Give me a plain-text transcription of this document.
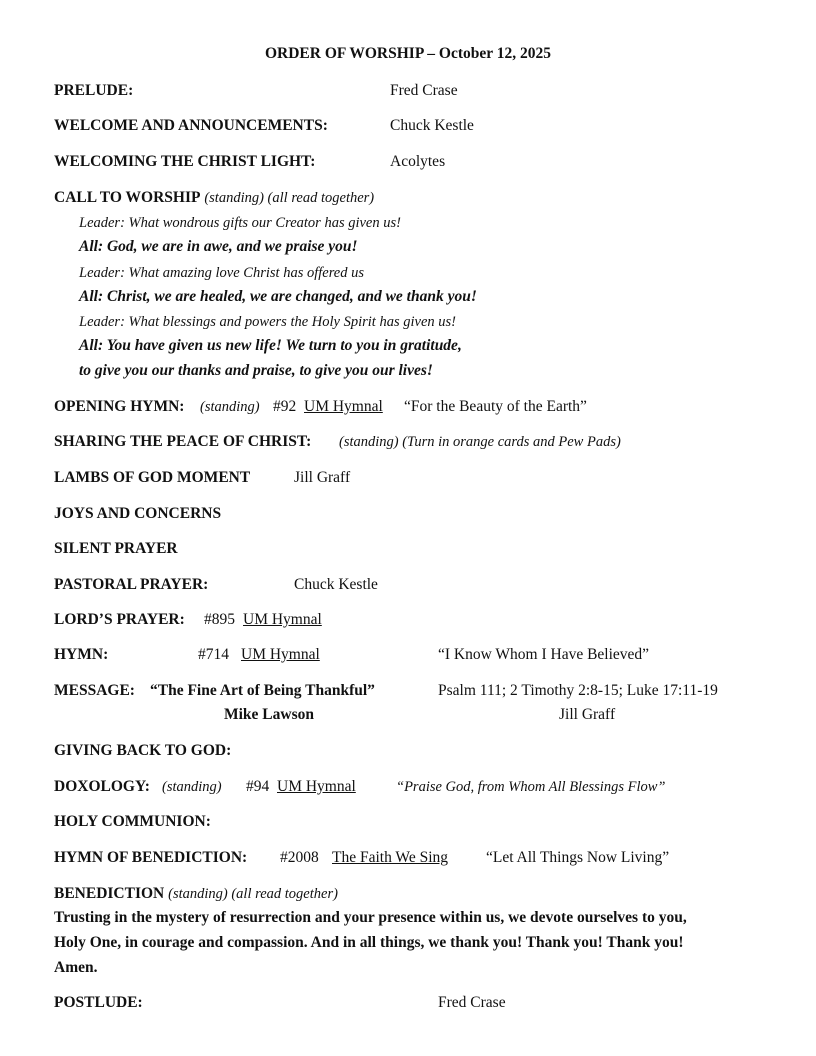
ORDER OF WORSHIP – October 12, 2025
PRELUDE:	Fred Crase
WELCOME AND ANNOUNCEMENTS:	Chuck Kestle
WELCOMING THE CHRIST LIGHT:	Acolytes
CALL TO WORSHIP (standing) (all read together)
Leader: What wondrous gifts our Creator has given us!
All: God, we are in awe, and we praise you!
Leader: What amazing love Christ has offered us
All: Christ, we are healed, we are changed, and we thank you!
Leader: What blessings and powers the Holy Spirit has given us!
All: You have given us new life! We turn to you in gratitude,
to give you our thanks and praise, to give you our lives!
OPENING HYMN: (standing) #92 UM Hymnal “For the Beauty of the Earth”
SHARING THE PEACE OF CHRIST: (standing) (Turn in orange cards and Pew Pads)
LAMBS OF GOD MOMENT	Jill Graff
JOYS AND CONCERNS
SILENT PRAYER
PASTORAL PRAYER:	Chuck Kestle
LORD’S PRAYER: #895 UM Hymnal
HYMN:	#714 UM Hymnal	“I Know Whom I Have Believed”
MESSAGE: “The Fine Art of Being Thankful”	Psalm 111; 2 Timothy 2:8-15; Luke 17:11-19
Mike Lawson	Jill Graff
GIVING BACK TO GOD:
DOXOLOGY: (standing) #94 UM Hymnal	“Praise God, from Whom All Blessings Flow”
HOLY COMMUNION:
HYMN OF BENEDICTION: #2008 The Faith We Sing “Let All Things Now Living”
BENEDICTION (standing) (all read together)
Trusting in the mystery of resurrection and your presence within us, we devote ourselves to you,
Holy One, in courage and compassion. And in all things, we thank you! Thank you! Thank you!
Amen.
POSTLUDE:	Fred Crase
